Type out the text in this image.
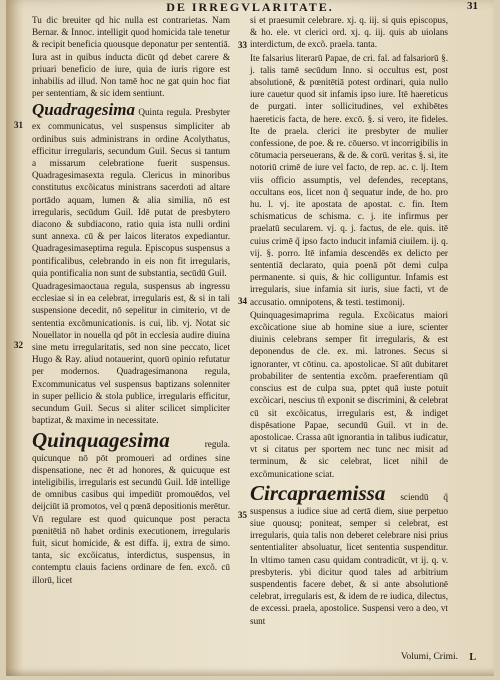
DE IRREGVLARITATE.	31

Tu dic breuiter qd hic nulla est contrarietas. Nam Bernar. & Innoc. intelligit quod homicida tale tenetur & recipit beneficia quousque deponatur per sententiā. Iura ast in quibus inducta dicūt qd debet carere & priuari beneficio de iure, quia de iuris rigore est inhabilis ad illud. Non tamē hoc ne gat quin hoc fiat per sententiam, & sic idem sentiunt.

Quadragesima Quinta regula. Presbyter ex communicatus, vel suspensus simpliciter ab ordinibus suis administrans in ordine Acolythatus, efficitur irregularis, secundum Guil. Secus si tantum a missarum celebratione fuerit suspensus. Quadragesimasexta regula. Clericus in minoribus constitutus excõicatus ministrans sacerdoti ad altare portādo aquam, lumen & alia similia, nō est irregularis, secūdum Guil. Idē putat de presbytero diacono & subdiacono, ratio quia ista nulli ordini sunt annexa. cū & per laicos literatos expediantur. Quadragesimaseptima regula. Episcopus suspensus a pontificalibus, celebrando in eis non fit irregularis, quia pontificalia non sunt de substantia, secūdū Guil.

Quadragesimaoctaua regula, suspensus ab ingressu ecclesiae si in ea celebrat, irregularis est, & si in tali suspensione decedit, nō sepelitur in cimiterio, vt de sententia excõmunicationis. is cui, lib. vj. Notat sic Nouellator in nouella qd pōt in ecclesia audire diuina sine metu irregularitatis, sed non sine peccato, licet Hugo & Ray. aliud notauerint, quorū opinio refutatur per modernos. Quadragesimanona regula, Excommunicatus vel suspensus baptizans solenniter in super pellicio & stola publice, irregularis efficitur, secundum Guil. Secus si aliter scilicet simpliciter baptizat, & maxime in necessitate.

Quinquagesima	regula. quicunque nō pōt promoueri ad ordines sine dispensatione, nec ēt ad honores, & quicuque est inteligibilis, irregularis est secundū Guil. Idē intellige de omnibus casibus qui impediūt promouēdos, vel deijciūt iā promotos, vel q pœnā depositionis merētur. Vn̄ regulare est quod quicunque post peracta pœnitētiā nō habet ordinis executionem, irregularis fuit, sicut homicide, & est diffa. ij, extra de simo. tanta, sic excõicatus, interdictus, suspensus, in contemptu clauis faciens ordinare de fen. excõ. cū illorū, licet

31
32

si et praesumit celebrare. xj. q. iij. si quis episcopus, & ho. ele. vt clerici ord. xj. q. iij. quis ab uiolans interdictum, de excõ. praela. tanta.

Ite falsarius literarū Papae, de cri. fal. ad falsariorū §. j. talis tamē secūdum Inno. si occultus est, post absolutionē, & pœnitētiā potest ordinari, quia nullo iure cauetur quod sit infamis ipso iure. Itē haereticus de purgati. inter sollicitudines, vel exhibētes haereticis facta, de here. excō. §. si vero, ite fideles. Ite de praela. clerici ite presbyter de mulier confessione, de poe. & re. cōuerso. vt incorrigibilis in cōtumacia perseuerans, & de. & corū. veritas §. si, ite notoriū crimē de iure vel facto, de rep. ac. c. lj. Item viis officio assumptis, vel defendes, receptans, occultans eos, licet non q̃ sequatur inde, de ho. pro hu. l. vj. ite apostata de apostat. c. fin. Item schismaticus de schisma. c. j. ite infirmus per praelatū secularem. vj. q. j. factus, de ele. quis. itē cuius crimē q̃ ipso facto inducit infamiā ciuilem. ij. q. vij. §. porro. Itē infamia descendēs ex delicto per sententiā declarato, quia poenā pōt demi culpa permanente. si quis, & hic colliguntur. Infamis est irregularis, siue infamia sit iuris, siue facti, vt de accusatio. omnipotens, & testi. testimonij.

Quinquagesimaprima regula. Excõicatus maiori excõicatione siue ab homine siue a iure, scienter diuinis celebrans semper fit irregularis, & est deponendus de cle. ex. mi. latrones. Secus si ignoranter, vt cōtinu. ca. apostolicae. Sī aūt dubitaret probabiliter de sententia excõm. praeferentiam qū conscius est de culpa sua, pptet quā iuste potuit excõicari, nescius tñ exponit se discrimini, & celebrat cū sit excõicatus, irregularis est, & indiget dispēsatione Papae, secundū Guil. vt in de. apostolicae. Crassa aūt ignorantia in talibus iudicatur, vt si citatus per sportem nec tunc nec misit ad terminum, & sic celebrat, licet nihil de excõmunicatione sciat.

Circapraemissa sciendū q̃ suspensus a iudice siue ad certā diem, siue perpetuo siue quousq; poniteat, semper si celebrat, est irregularis, quia talis non deberet celebrare nisi prius sententialiter absoluatur, licet sententia suspenditur. In vltimo tamen casu quidam contradicūt, vt ij. q. v. presbyteris. ybi dicitur quod tales ad arbitrium suspendentis facere debet, & si ante absolutionē celebrat, irregularis est, & idem de re iudica, dilectus, de excessi. praela, apostolice. Suspensi vero a deo, vt sunt

33
34
35
Volumi, Crimi. L
